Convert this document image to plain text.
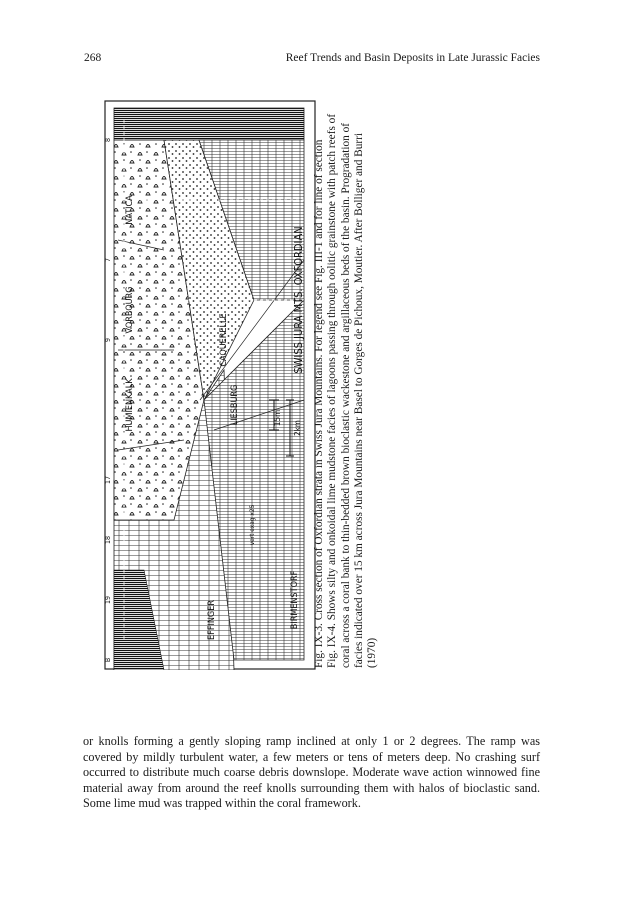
268	Reef Trends and Basin Deposits in Late Jurassic Facies
NATICA
VORBOURG
HUMIENKALK
CAQUERELLE
LIESBURG
BIRMENSTORF
EFFINGER
SWISS JURA MTS. OXFORDIAN
15m
2km
vert exag x25
8
7
9
17
18
19
B	Fig. IX-3. Cross section of Oxfordian strata in Swiss Jura Mountains. For legend see Fig. III-1 and for line of section Fig. IX-4. Shows silty and onkoidal lime mudstone facies of lagoons passing through oolitic grainstone with patch reefs of coral across a coral bank to thin-bedded brown bioclastic wackestone and argillaceous beds of the basin. Progradation of facies indicated over 15 km across Jura Mountains near Basel to Gorges de Pichoux, Moutier. After Bolliger and Burri (1970)

or knolls forming a gently sloping ramp inclined at only 1 or 2 degrees. The ramp was covered by mildly turbulent water, a few meters or tens of meters deep. No crashing surf occurred to distribute much coarse debris downslope. Moderate wave action winnowed fine material away from around the reef knolls surrounding them with halos of bioclastic sand. Some lime mud was trapped within the coral framework.
